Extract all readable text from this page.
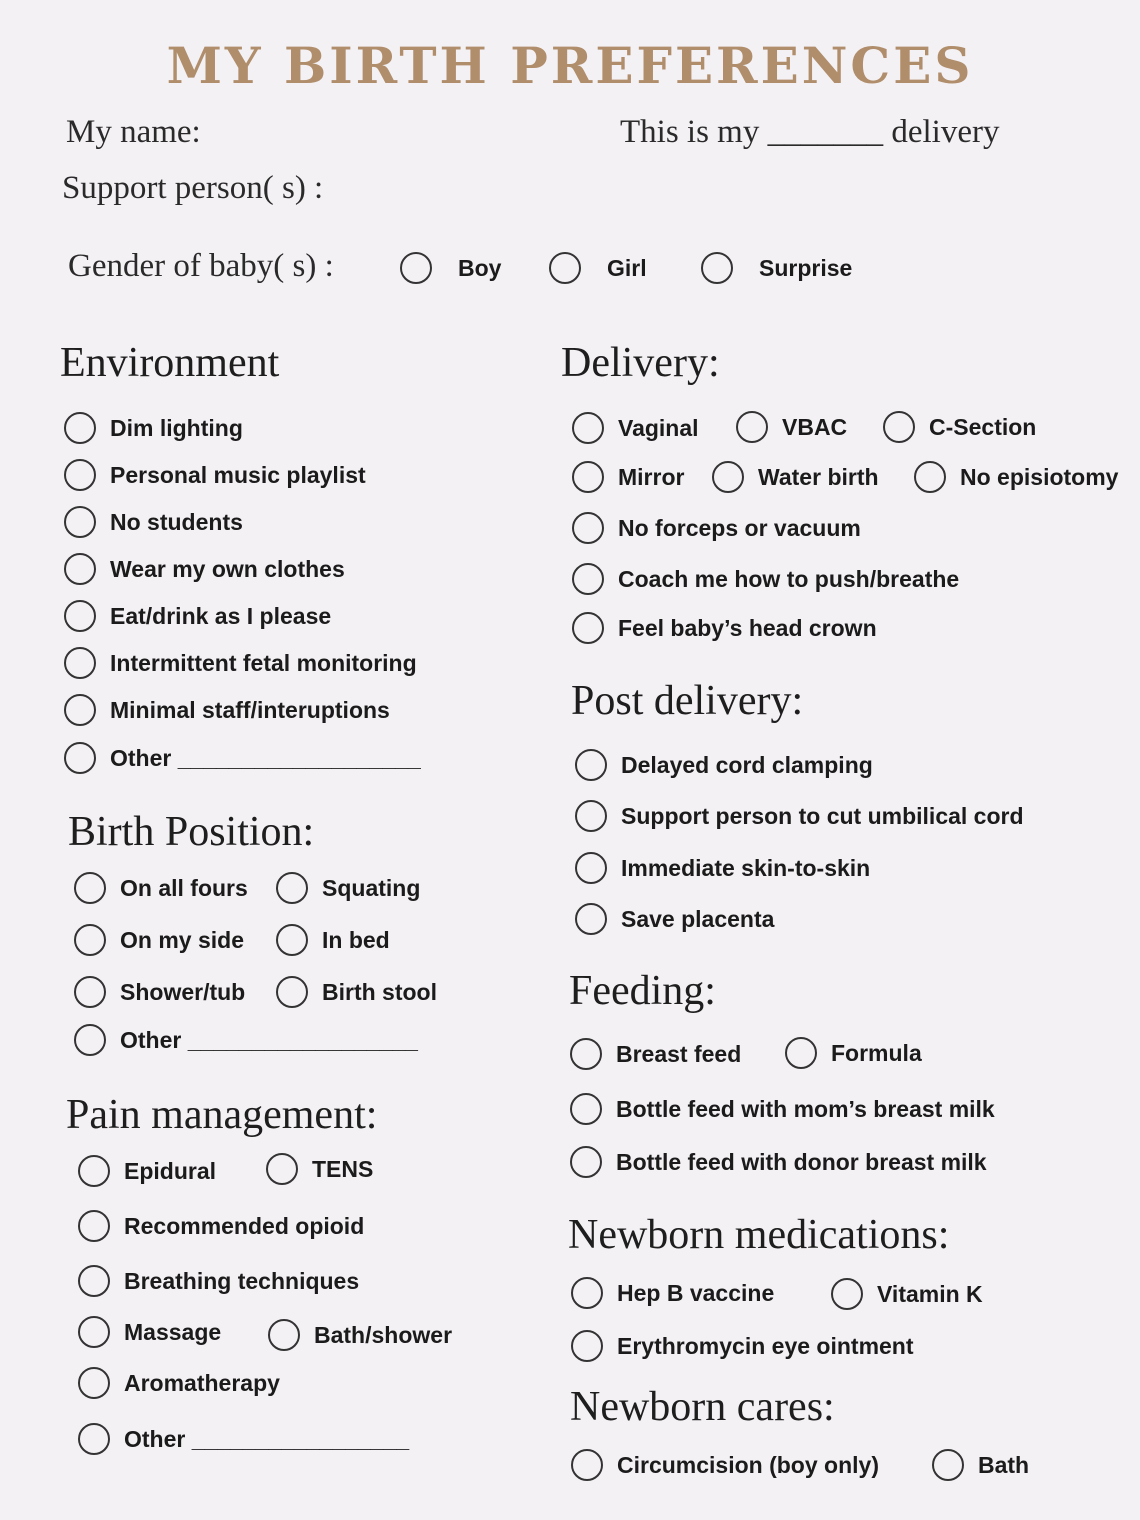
MY BIRTH PREFERENCES
My name:	This is my _______ delivery
Support person( s) :
Gender of baby( s) :	Boy	Girl	Surprise
Environment
Dim lighting
Personal music playlist
No students
Wear my own clothes
Eat/drink as I please
Intermittent fetal monitoring
Minimal staff/interuptions
Other ___________________
Birth Position:
On all fours	Squating
On my side	In bed
Shower/tub	Birth stool
Other __________________
Pain management:
Epidural	TENS
Recommended opioid
Breathing techniques
Massage	Bath/shower
Aromatherapy
Other _________________
Delivery:
Vaginal	VBAC	C-Section
Mirror	Water birth	No episiotomy
No forceps or vacuum
Coach me how to push/breathe
Feel baby’s head crown
Post delivery:
Delayed cord clamping
Support person to cut umbilical cord
Immediate skin-to-skin
Save placenta
Feeding:
Breast feed	Formula
Bottle feed with mom’s breast milk
Bottle feed with donor breast milk
Newborn medications:
Hep B vaccine	Vitamin K
Erythromycin eye ointment
Newborn cares:
Circumcision (boy only)	Bath
